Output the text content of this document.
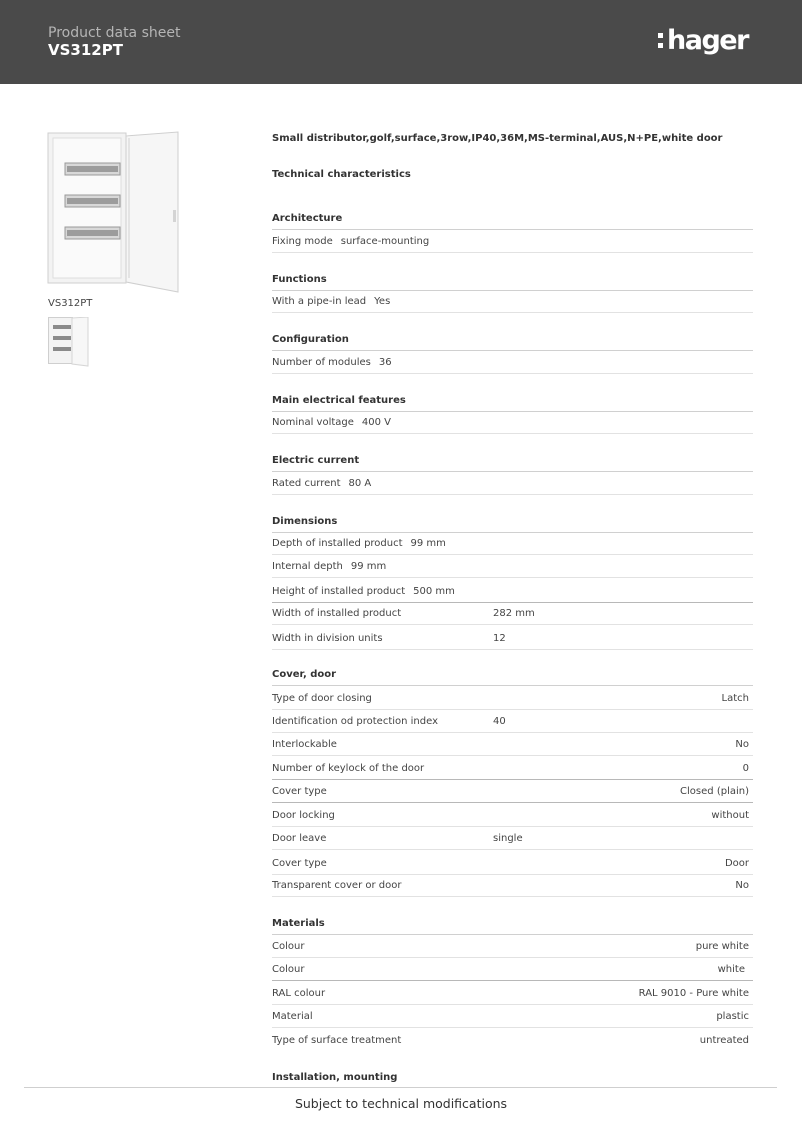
Product data sheet
VS312PT	hager
VS312PT
Small distributor,golf,surface,3row,IP40,36M,MS-terminal,AUS,N+PE,white door
Technical characteristics
Architecture
Fixing mode surface-mounting
Functions
With a pipe-in lead Yes
Configuration
Number of modules 36
Main electrical features
Nominal voltage 400 V
Electric current
Rated current 80 A
Dimensions
Depth of installed product 99 mm
Internal depth 99 mm
Height of installed product 500 mm
Width of installed product	282 mm
Width in division units	12
Cover, door
Type of door closing	Latch
Identification od protection index	40
Interlockable	No
Number of keylock of the door	0
Cover type	Closed (plain)
Door locking	without
Door leave	single
Cover type	Door
Transparent cover or door	No
Materials
Colour	pure white
Colour	white
RAL colour	RAL 9010 - Pure white
Material	plastic
Type of surface treatment	untreated
Installation, mounting
Subject to technical modifications
